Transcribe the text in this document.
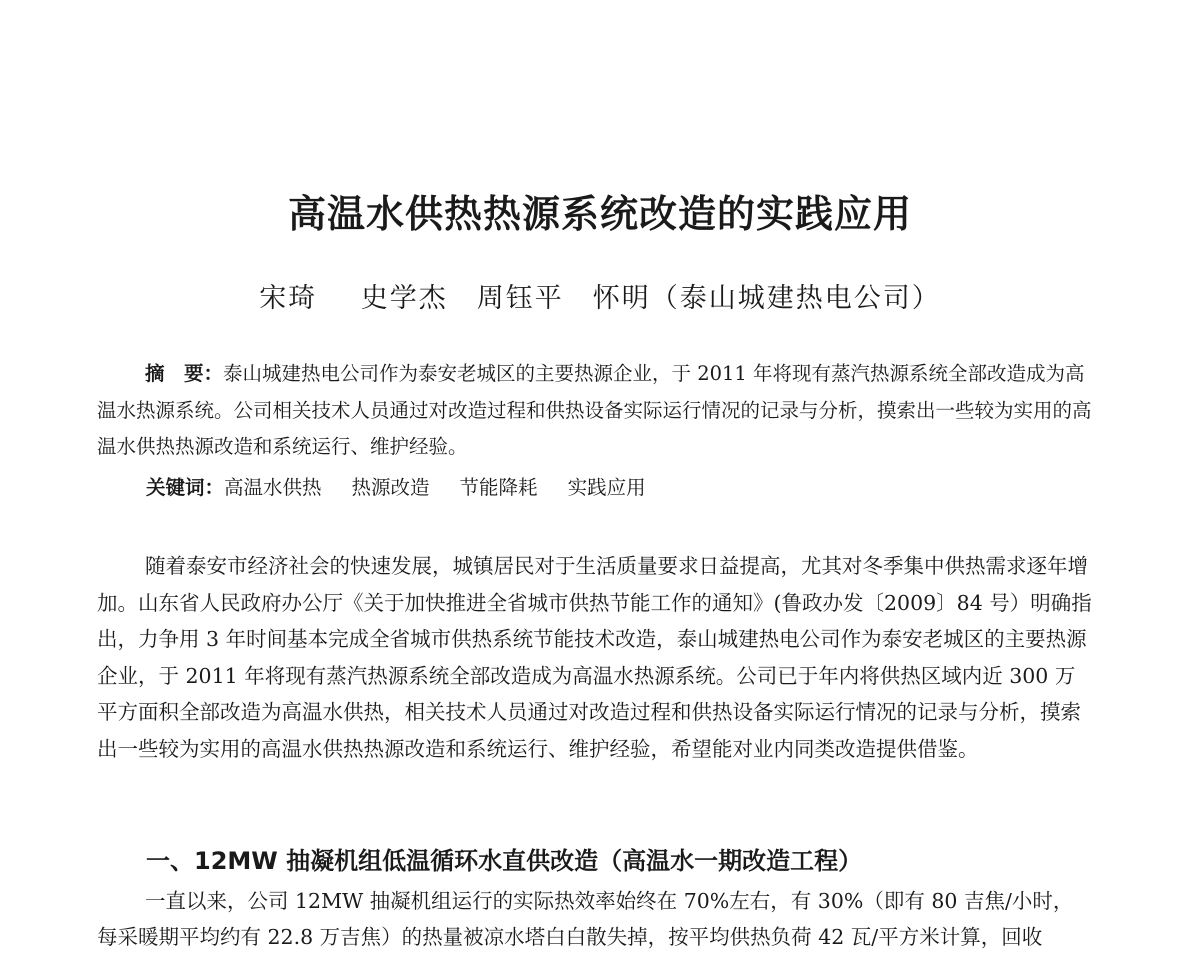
高温水供热热源系统改造的实践应用
宋琦　 史学杰　周钰平　怀明（泰山城建热电公司）

摘　要：泰山城建热电公司作为泰安老城区的主要热源企业，于 2011 年将现有蒸汽热源系统全部改造成为高温水热源系统。公司相关技术人员通过对改造过程和供热设备实际运行情况的记录与分析，摸索出一些较为实用的高温水供热热源改造和系统运行、维护经验。

关键词：高温水供热 热源改造 节能降耗 实践应用

随着泰安市经济社会的快速发展，城镇居民对于生活质量要求日益提高，尤其对冬季集中供热需求逐年增加。山东省人民政府办公厅《关于加快推进全省城市供热节能工作的通知》(鲁政办发〔2009〕84 号）明确指出，力争用 3 年时间基本完成全省城市供热系统节能技术改造，泰山城建热电公司作为泰安老城区的主要热源企业，于 2011 年将现有蒸汽热源系统全部改造成为高温水热源系统。公司已于年内将供热区域内近 300 万平方面积全部改造为高温水供热，相关技术人员通过对改造过程和供热设备实际运行情况的记录与分析，摸索出一些较为实用的高温水供热热源改造和系统运行、维护经验，希望能对业内同类改造提供借鉴。

一、12MW 抽凝机组低温循环水直供改造（高温水一期改造工程）

一直以来，公司 12MW 抽凝机组运行的实际热效率始终在 70%左右，有 30%（即有 80 吉焦/小时，每采暖期平均约有 22.8 万吉焦）的热量被凉水塔白白散失掉，按平均供热负荷 42 瓦/平方米计算，回收
